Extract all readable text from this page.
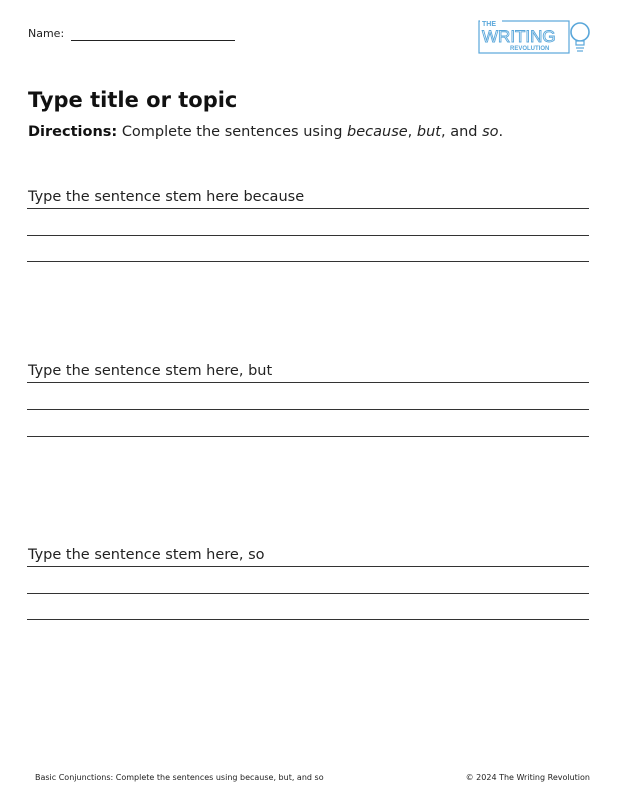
Name:
THE
WRITING
REVOLUTION
Type title or topic
Directions: Complete the sentences using because, but, and so.
Type the sentence stem here because
Type the sentence stem here, but
Type the sentence stem here, so
Basic Conjunctions: Complete the sentences using because, but, and so	© 2024 The Writing Revolution
